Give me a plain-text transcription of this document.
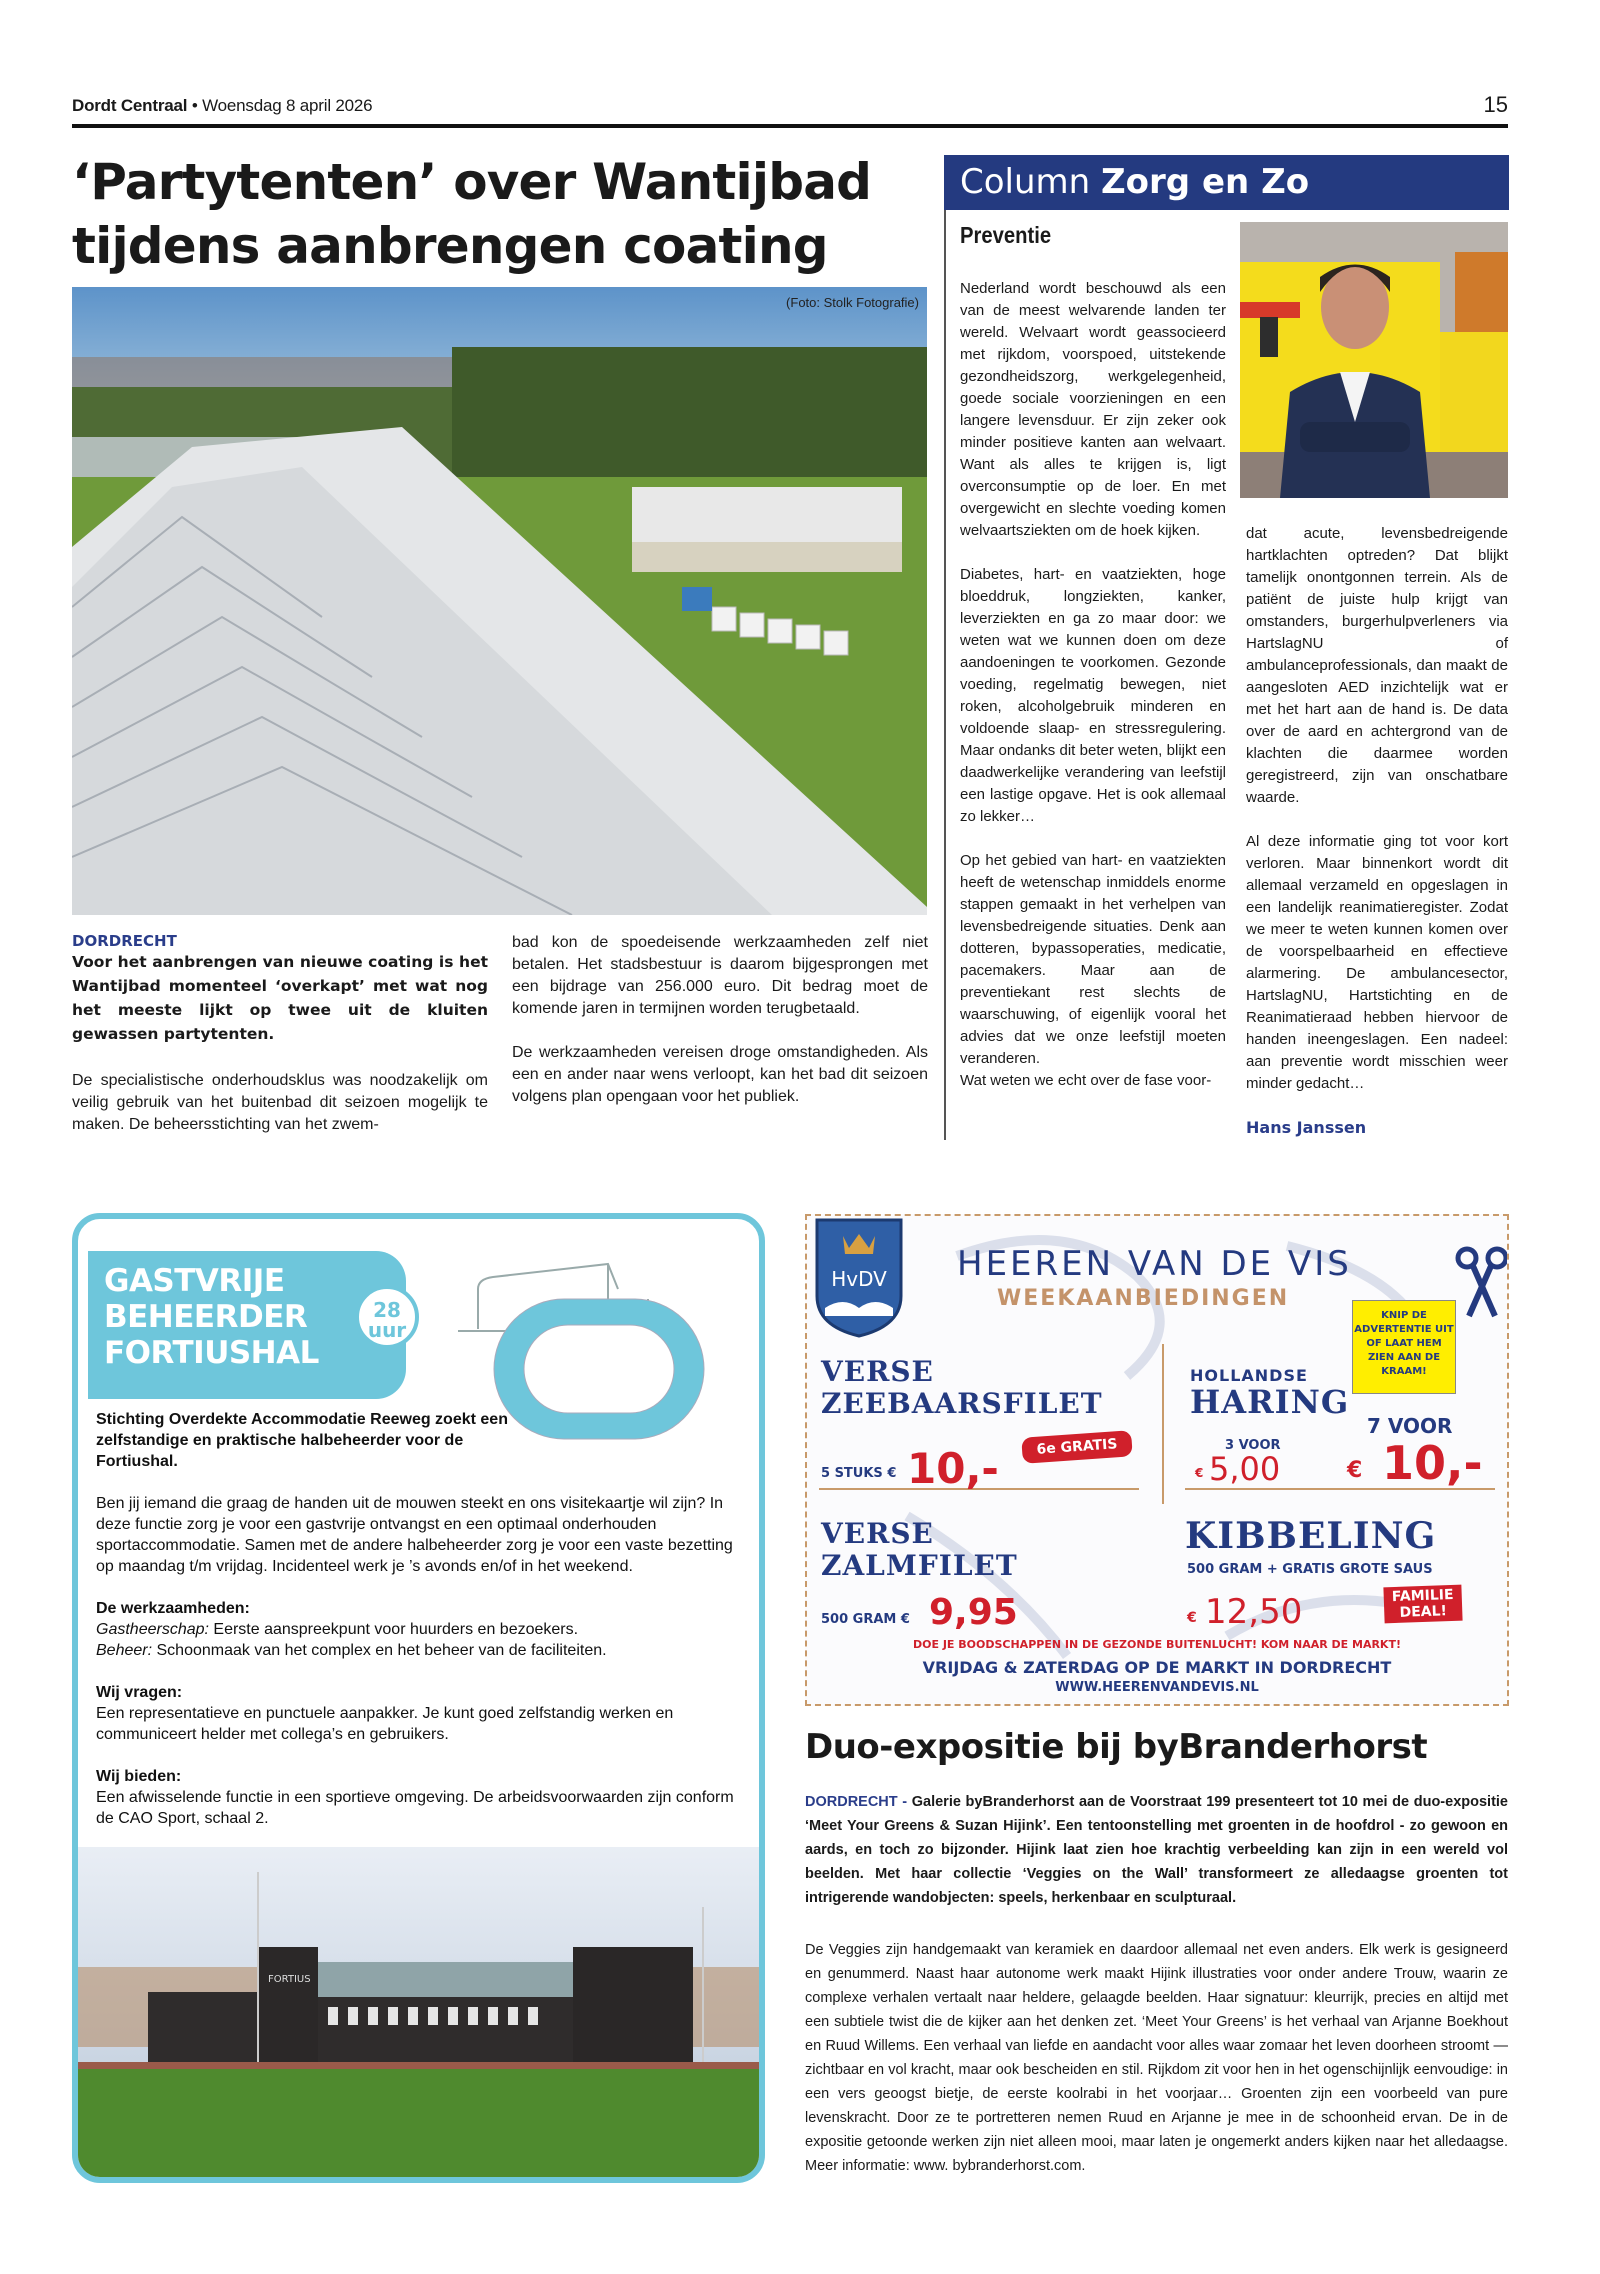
Dordt Centraal • Woensdag 8 april 2026	15
‘Partytenten’ over Wantijbad
tijdens aanbrengen coating
(Foto: Stolk Fotografie)
DORDRECHT
Voor het aanbrengen van nieuwe coating is het Wantijbad momenteel ‘overkapt’ met wat nog het meeste lijkt op twee uit de kluiten gewassen partytenten.
De specialistische onderhoudsklus was noodzakelijk om veilig gebruik van het buitenbad dit seizoen mogelijk te maken. De beheersstichting van het zwem-
bad kon de spoedeisende werkzaamheden zelf niet betalen. Het stadsbestuur is daarom bijgesprongen met een bijdrage van 256.000 euro. Dit bedrag moet de komende jaren in termijnen worden terugbetaald.
De werkzaamheden vereisen droge omstandigheden. Als een en ander naar wens verloopt, kan het bad dit seizoen volgens plan opengaan voor het publiek.
Column Zorg en Zo
Preventie

Nederland wordt beschouwd als een van de meest welvarende landen ter wereld. Welvaart wordt geassocieerd met rijkdom, voorspoed, uitstekende gezondheidszorg, werkgelegenheid, goede sociale voorzieningen en een langere levensduur. Er zijn zeker ook minder positieve kanten aan welvaart. Want als alles te krijgen is, ligt overconsumptie op de loer. En met overgewicht en slechte voeding komen welvaartsziekten om de hoek kijken.

Diabetes, hart- en vaatziekten, hoge bloeddruk, longziekten, kanker, leverziekten en ga zo maar door: we weten wat we kunnen doen om deze aandoeningen te voorkomen. Gezonde voeding, regelmatig bewegen, niet roken, alcoholgebruik minderen en voldoende slaap- en stressregulering. Maar ondanks dit beter weten, blijkt een daadwerkelijke verandering van leefstijl een lastige opgave. Het is ook allemaal zo lekker…

Op het gebied van hart- en vaatziekten heeft de wetenschap inmiddels enorme stappen gemaakt in het verhelpen van levensbedreigende situaties. Denk aan dotteren, bypassoperaties, medicatie, pacemakers. Maar aan de preventiekant rest slechts de waarschuwing, of eigenlijk vooral het advies dat we onze leefstijl moeten veranderen.

Wat weten we echt over de fase voor-

dat acute, levensbedreigende hartklachten optreden? Dat blijkt tamelijk onontgonnen terrein. Als de patiënt de juiste hulp krijgt van omstanders, burgerhulpverleners via HartslagNU of ambulanceprofessionals, dan maakt de aangesloten AED inzichtelijk wat er met het hart aan de hand is. De data over de aard en achtergrond van de klachten die daarmee worden geregistreerd, zijn van onschatbare waarde.

Al deze informatie ging tot voor kort verloren. Maar binnenkort wordt dit allemaal verzameld en opgeslagen in een landelijk reanimatieregister. Zodat we meer te weten kunnen komen over de voorspelbaarheid en effectieve alarmering. De ambulancesector, HartslagNU, Hartstichting en de Reanimatieraad hebben hiervoor de handen ineengeslagen. Een nadeel: aan preventie wordt misschien weer minder gedacht…

Hans Janssen
GASTVRIJE
BEHEERDER
FORTIUSHAL
28
uur
Stichting Overdekte Accommodatie Reeweg zoekt een zelfstandige en praktische halbeheerder voor de Fortiushal.

Ben jij iemand die graag de handen uit de mouwen steekt en ons visitekaartje wil zijn? In deze functie zorg je voor een gastvrije ontvangst en een optimaal onderhouden sportaccommodatie. Samen met de andere halbeheerder zorg je voor een vaste bezetting op maandag t/m vrijdag. Incidenteel werk je ’s avonds en/of in het weekend.

De werkzaamheden:
Gastheerschap: Eerste aanspreekpunt voor huurders en bezoekers.

Beheer: Schoonmaak van het complex en het beheer van de faciliteiten.

Wij vragen:

Een representatieve en punctuele aanpakker. Je kunt goed zelfstandig werken en communiceert helder met collega’s en gebruikers.

Wij bieden:

Een afwisselende functie in een sportieve omgeving. De arbeidsvoorwaarden zijn conform de CAO Sport, schaal 2.

FORTIUS
HvDV HEEREN VAN DE VIS
WEEKAANBIEDINGEN
KNIP DE ADVERTENTIE UIT OF LAAT HEM ZIEN AAN DE KRAAM!
VERSE
ZEEBAARSFILET
5 STUKS € 10,-	6e GRATIS
HOLLANDSE
HARING
3 VOOR
€ 5,00
7 VOOR
€ 10,-
VERSE
ZALMFILET
500 GRAM € 9,95
KIBBELING
500 GRAM + GRATIS GROTE SAUS
€ 12,50	FAMILIE DEAL!
DOE JE BOODSCHAPPEN IN DE GEZONDE BUITENLUCHT! KOM NAAR DE MARKT!
VRIJDAG & ZATERDAG OP DE MARKT IN DORDRECHT
WWW.HEERENVANDEVIS.NL
Duo-expositie bij byBranderhorst
DORDRECHT - Galerie byBranderhorst aan de Voorstraat 199 presenteert tot 10 mei de duo-expositie ‘Meet Your Greens & Suzan Hijink’. Een tentoonstelling met groenten in de hoofdrol - zo gewoon en aards, en toch zo bijzonder. Hijink laat zien hoe krachtig verbeelding kan zijn in een wereld vol beelden. Met haar collectie ‘Veggies on the Wall’ transformeert ze alledaagse groenten tot intrigerende wandobjecten: speels, herkenbaar en sculpturaal.
De Veggies zijn handgemaakt van keramiek en daardoor allemaal net even anders. Elk werk is gesigneerd en genummerd. Naast haar autonome werk maakt Hijink illustraties voor onder andere Trouw, waarin ze complexe verhalen vertaalt naar heldere, gelaagde beelden. Haar signatuur: kleurrijk, precies en altijd met een subtiele twist die de kijker aan het denken zet. ‘Meet Your Greens’ is het verhaal van Arjanne Boekhout en Ruud Willems. Een verhaal van liefde en aandacht voor alles waar zomaar het leven doorheen stroomt — zichtbaar en vol kracht, maar ook bescheiden en stil. Rijkdom zit voor hen in het ogenschijnlijk eenvoudige: in een vers geoogst bietje, de eerste koolrabi in het voorjaar… Groenten zijn een voorbeeld van pure levenskracht. Door ze te portretteren nemen Ruud en Arjanne je mee in de schoonheid ervan. De in de expositie getoonde werken zijn niet alleen mooi, maar laten je ongemerkt anders kijken naar het alledaagse. Meer informatie: www. bybranderhorst.com.
